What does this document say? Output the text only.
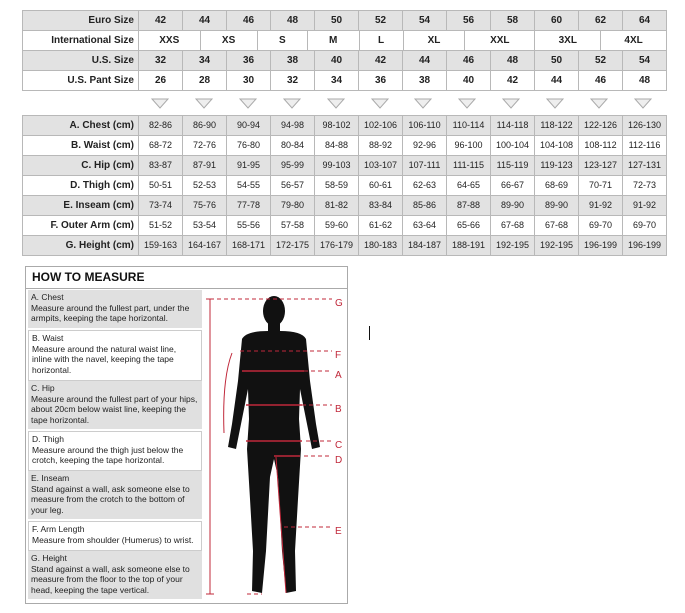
Euro Size	42	44	46	48	50	52	54	56	58	60	62	64
International Size	XXS	XS	S	M	L	XL	XXL	3XL	4XL
U.S. Size	32	34	36	38	40	42	44	46	48	50	52	54
U.S. Pant Size	26	28	30	32	34	36	38	40	42	44	46	48
A. Chest (cm)	82-86	86-90	90-94	94-98	98-102	102-106	106-110	110-114	114-118	118-122	122-126	126-130
B. Waist (cm)	68-72	72-76	76-80	80-84	84-88	88-92	92-96	96-100	100-104	104-108	108-112	112-116
C. Hip (cm)	83-87	87-91	91-95	95-99	99-103	103-107	107-111	111-115	115-119	119-123	123-127	127-131
D. Thigh (cm)	50-51	52-53	54-55	56-57	58-59	60-61	62-63	64-65	66-67	68-69	70-71	72-73
E. Inseam (cm)	73-74	75-76	77-78	79-80	81-82	83-84	85-86	87-88	89-90	89-90	91-92	91-92
F. Outer Arm (cm)	51-52	53-54	55-56	57-58	59-60	61-62	63-64	65-66	67-68	67-68	69-70	69-70
G. Height (cm)	159-163	164-167	168-171	172-175	176-179	180-183	184-187	188-191	192-195	192-195	196-199	196-199
HOW TO MEASURE
A. Chest
Measure around the fullest part, under the armpits, keeping the tape horizontal.
B. Waist
Measure around the natural waist line, inline with the navel, keeping the tape horizontal.
C. Hip
Measure around the fullest part of your hips, about 20cm below waist line, keeping the tape horizontal.
D. Thigh
Measure around the thigh just below the crotch, keeping the tape horizontal.
E. Inseam
Stand against a wall, ask someone else to measure from the crotch to the bottom of your leg.
F. Arm Length
Measure from shoulder (Humerus) to wrist.
G. Height
Stand against a wall, ask someone else to measure from the floor to the top of your head, keeping the tape vertical.
G
F
A
B
C
D
E
